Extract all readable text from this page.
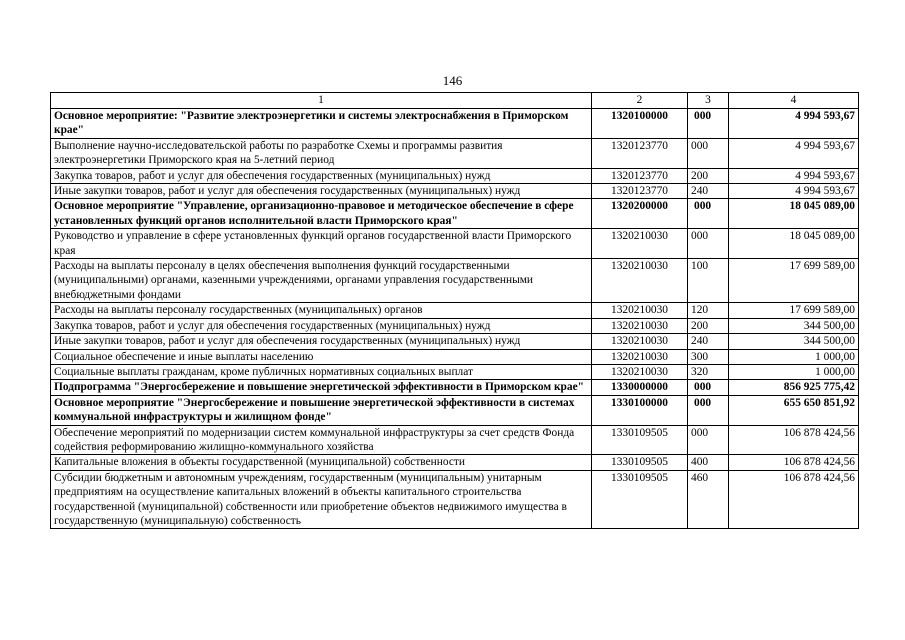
146
1	2	3	4
Основное мероприятие: "Развитие электроэнергетики и системы электроснабжения в Приморском крае"	1320100000	000	4 994 593,67
Выполнение научно-исследовательской работы по разработке Схемы и программы развития электроэнергетики Приморского края на 5-летний период	1320123770	000	4 994 593,67
Закупка товаров, работ и услуг для обеспечения государственных (муниципальных) нужд	1320123770	200	4 994 593,67
Иные закупки товаров, работ и услуг для обеспечения государственных (муниципальных) нужд	1320123770	240	4 994 593,67
Основное мероприятие "Управление, организационно-правовое и методическое обеспечение в сфере установленных функций органов исполнительной власти Приморского края"	1320200000	000	18 045 089,00
Руководство и управление в сфере установленных функций органов государственной власти Приморского края	1320210030	000	18 045 089,00
Расходы на выплаты персоналу в целях обеспечения выполнения функций государственными (муниципальными) органами, казенными учреждениями, органами управления государственными внебюджетными фондами	1320210030	100	17 699 589,00
Расходы на выплаты персоналу государственных (муниципальных) органов	1320210030	120	17 699 589,00
Закупка товаров, работ и услуг для обеспечения государственных (муниципальных) нужд	1320210030	200	344 500,00
Иные закупки товаров, работ и услуг для обеспечения государственных (муниципальных) нужд	1320210030	240	344 500,00
Социальное обеспечение и иные выплаты населению	1320210030	300	1 000,00
Социальные выплаты гражданам, кроме публичных нормативных социальных выплат	1320210030	320	1 000,00
Подпрограмма "Энергосбережение и повышение энергетической эффективности в Приморском крае"	1330000000	000	856 925 775,42
Основное мероприятие "Энергосбережение и повышение энергетической эффективности в системах коммунальной инфраструктуры и жилищном фонде"	1330100000	000	655 650 851,92
Обеспечение мероприятий по модернизации систем коммунальной инфраструктуры за счет средств Фонда содействия реформированию жилищно-коммунального хозяйства	1330109505	000	106 878 424,56
Капитальные вложения в объекты государственной (муниципальной) собственности	1330109505	400	106 878 424,56
Субсидии бюджетным и автономным учреждениям, государственным (муниципальным) унитарным предприятиям на осуществление капитальных вложений в объекты капитального строительства государственной (муниципальной) собственности или приобретение объектов недвижимого имущества в государственную (муниципальную) собственность	1330109505	460	106 878 424,56
